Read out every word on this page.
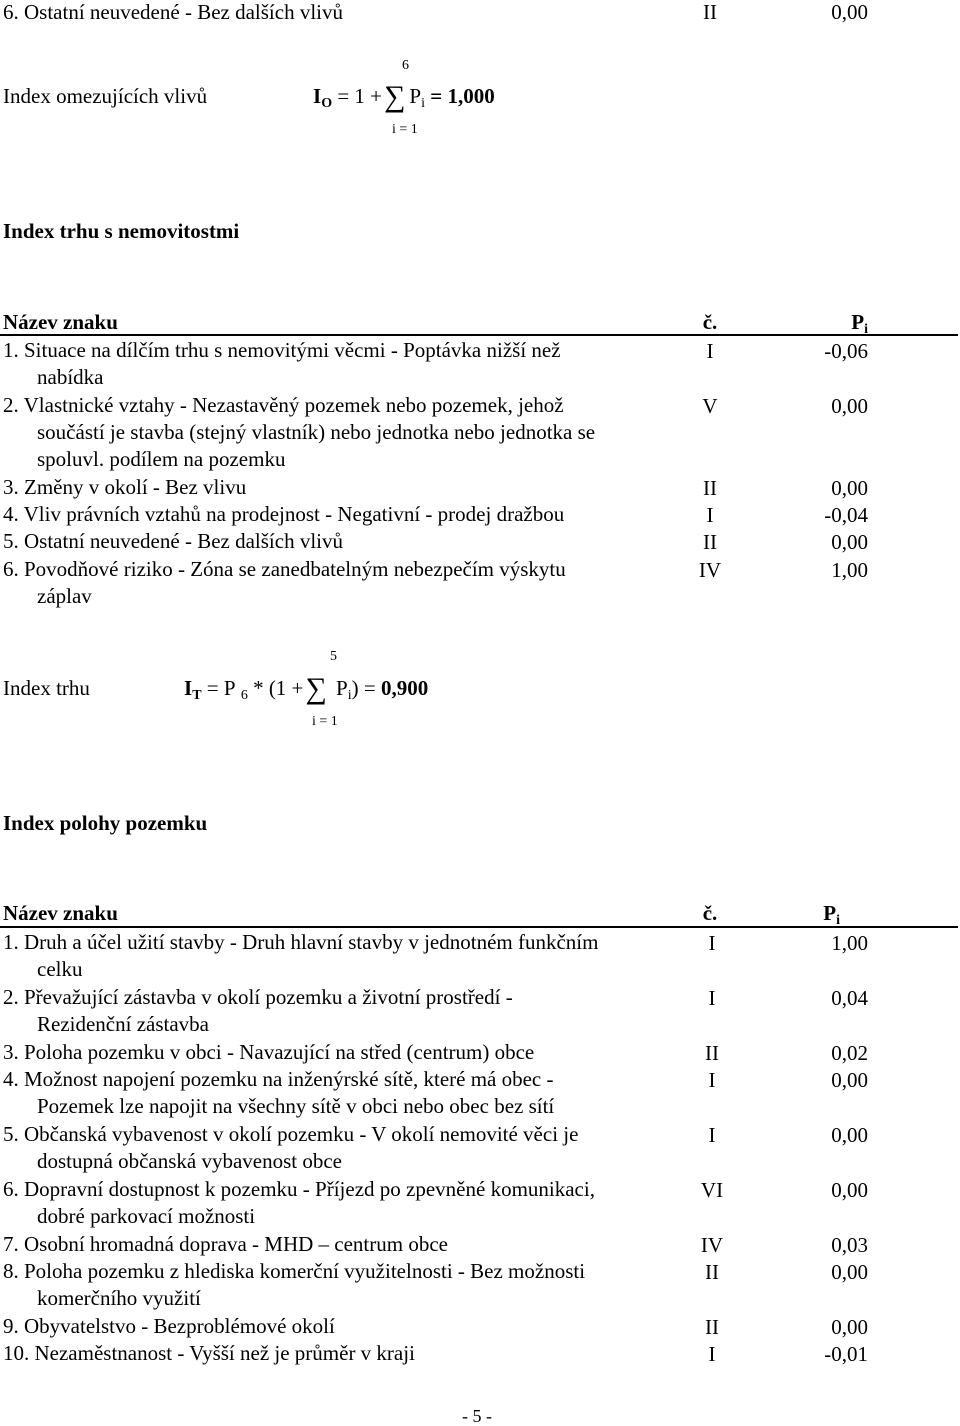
6. Ostatní neuvedené - Bez dalších vlivů	II	0,00
6
Index omezujících vlivů	$I_O = 1$ +∑ $P_i = 1,000$
i = 1
Index trhu s nemovitostmi
Název znaku	č.	$P_i$
1. Situace na dílčím trhu s nemovitými věcmi - Poptávka nižší než
nabídka
I	-0,06
2. Vlastnické vztahy - Nezastavěný pozemek nebo pozemek, jehož
součástí je stavba (stejný vlastník) nebo jednotka nebo jednotka se
spoluvl. podílem na pozemku
V	0,00
3. Změny v okolí - Bez vlivu	II	0,00
4. Vliv právních vztahů na prodejnost - Negativní - prodej dražbou	I	-0,04
5. Ostatní neuvedené - Bez dalších vlivů	II	0,00
6. Povodňové riziko - Zóna se zanedbatelným nebezpečím výskytu
záplav
IV	1,00
5
Index trhu	$I_T = P$ $_6$ * (1 +∑ $P_i) = 0,900$
i = 1
Index polohy pozemku
Název znaku	č.	$P_i$
1. Druh a účel užití stavby - Druh hlavní stavby v jednotném funkčním
celku
I	1,00
2. Převažující zástavba v okolí pozemku a životní prostředí -
Rezidenční zástavba
I	0,04
3. Poloha pozemku v obci - Navazující na střed (centrum) obce	II	0,02
4. Možnost napojení pozemku na inženýrské sítě, které má obec -
Pozemek lze napojit na všechny sítě v obci nebo obec bez sítí
I	0,00
5. Občanská vybavenost v okolí pozemku - V okolí nemovité věci je
dostupná občanská vybavenost obce
I	0,00
6. Dopravní dostupnost k pozemku - Příjezd po zpevněné komunikaci,
dobré parkovací možnosti
VI	0,00
7. Osobní hromadná doprava - MHD – centrum obce	IV	0,03
8. Poloha pozemku z hlediska komerční využitelnosti - Bez možnosti
komerčního využití
II	0,00
9. Obyvatelstvo - Bezproblémové okolí	II	0,00
10. Nezaměstnanost - Vyšší než je průměr v kraji	I	-0,01
- 5 -
